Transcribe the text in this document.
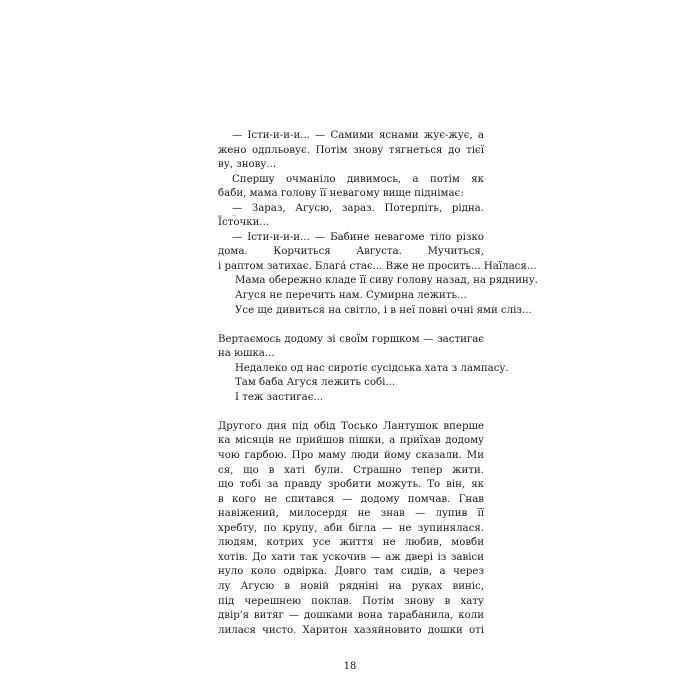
— Істи-и-и-и... — Самими яснами жує-жує, а
жено одпльовує. Потім знову тягнеться до тієї
ву, знову...
Спершу очманіло дивимось, а потім як
баби, мама голову її невагому вище піднімає:
— Зараз, Агусю, зараз. Потерпіть, рідна.
Їсточки...
— Істи-и-и-и... — Бабине невагоме тіло різко
дома. Корчиться Августа. Мучиться,
і раптом затихає. Блага́ стає... Вже не просить... Наїлася...
Мама обережно кладе її сиву голову назад, на ряднину.
Агуся не перечить нам. Сумирна лежить...
Усе ще дивиться на світло, і в неї повні очні ями сліз...
Вертаємось додому зі своїм горшком — застигає
на юшка...
Недалеко од нас сиротіє сусідська хата з лампасу.
Там баба Агуся лежить собі...
І теж застигає...
Другого дня під обід Тосько Лантушок вперше
ка місяців не прийшов пішки, а приїхав додому
чою гарбою. Про маму люди йому сказали. Ми
ся, що в хаті були. Страшно тепер жити.
що тобі за правду зробити можуть. То він, як
в кого не спитався — додому помчав. Гнав
навіжений, милосердя не знав — лупив її
хребту, по крупу, аби бігла — не зупинялася.
людям, котрих усе життя не любив, мовби
хотів. До хати так ускочив — аж двері із завіси
нуло коло одвірка. Довго там сидів, а через
лу Агусю в новій рядніні на руках виніс,
під черешнею поклав. Потім знову в хату
двір'я витяг — дошками вона тарабанила, коли
лилася чисто. Харитон хазяйновито дошки оті
18
